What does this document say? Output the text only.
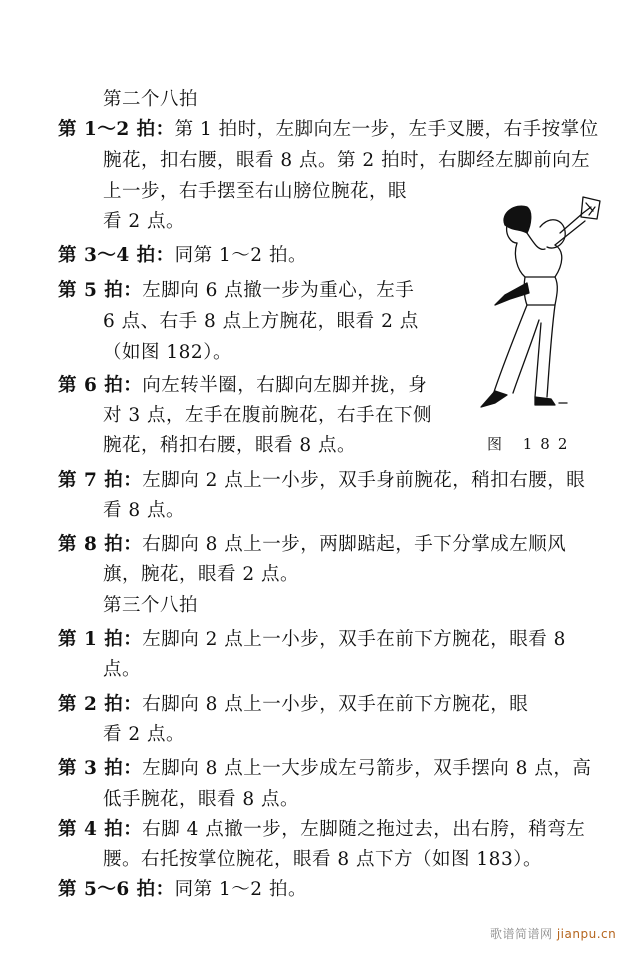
第二个八拍
第 1～2 拍：第 1 拍时，左脚向左一步，左手叉腰，右手按掌位
腕花，扣右腰，眼看 8 点。第 2 拍时，右脚经左脚前向左
上一步，右手摆至右山膀位腕花，眼
看 2 点。
第 3～4 拍：同第 1～2 拍。
第 5 拍：左脚向 6 点撤一步为重心，左手
6 点、右手 8 点上方腕花，眼看 2 点
（如图 182）。
第 6 拍：向左转半圈，右脚向左脚并拢，身
对 3 点，左手在腹前腕花，右手在下侧
腕花，稍扣右腰，眼看 8 点。
第 7 拍：左脚向 2 点上一小步，双手身前腕花，稍扣右腰，眼
看 8 点。
第 8 拍：右脚向 8 点上一步，两脚踮起，手下分掌成左顺风
旗，腕花，眼看 2 点。
第三个八拍
第 1 拍：左脚向 2 点上一小步，双手在前下方腕花，眼看 8
点。
第 2 拍：右脚向 8 点上一小步，双手在前下方腕花，眼
看 2 点。
第 3 拍：左脚向 8 点上一大步成左弓箭步，双手摆向 8 点，高
低手腕花，眼看 8 点。
第 4 拍：右脚 4 点撤一步，左脚随之拖过去，出右胯，稍弯左
腰。右托按掌位腕花，眼看 8 点下方（如图 183）。
第 5～6 拍：同第 1～2 拍。
图 182
歌谱简谱网 jianpu.cn
